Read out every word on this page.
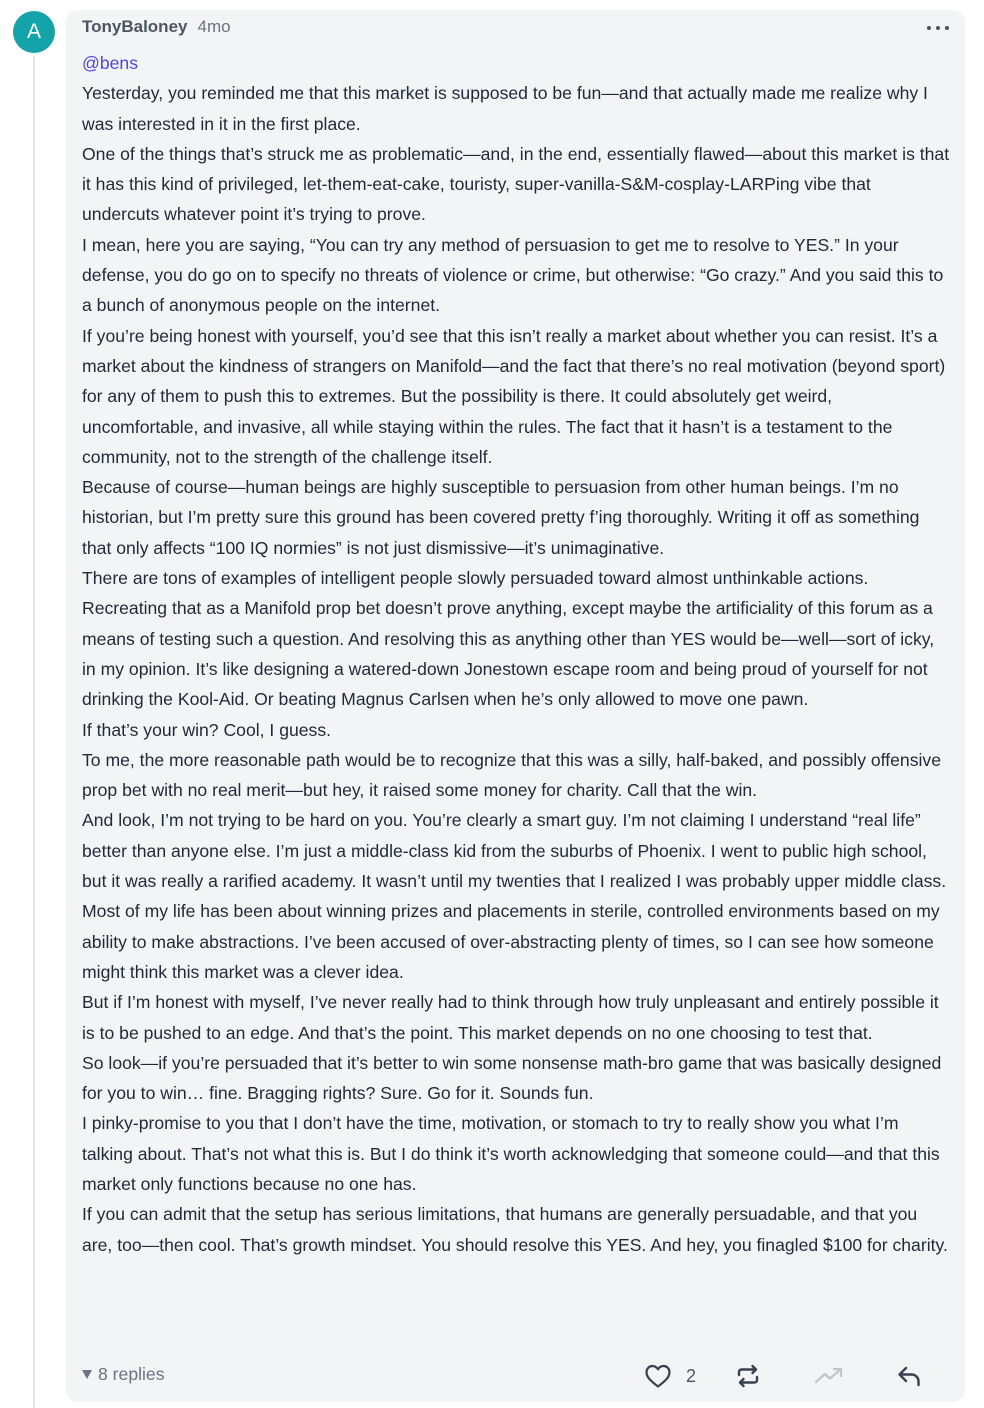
A	TonyBaloney 4mo
@bens
Yesterday, you reminded me that this market is supposed to be fun—and that actually made me realize why I was interested in it in the first place.
One of the things that’s struck me as problematic—and, in the end, essentially flawed—about this market is that it has this kind of privileged, let-them-eat-cake, touristy, super-vanilla-S&M-cosplay-LARPing vibe that undercuts whatever point it’s trying to prove.
I mean, here you are saying, “You can try any method of persuasion to get me to resolve to YES.” In your defense, you do go on to specify no threats of violence or crime, but otherwise: “Go crazy.” And you said this to a bunch of anonymous people on the internet.
If you’re being honest with yourself, you’d see that this isn’t really a market about whether you can resist. It’s a market about the kindness of strangers on Manifold—and the fact that there’s no real motivation (beyond sport) for any of them to push this to extremes. But the possibility is there. It could absolutely get weird, uncomfortable, and invasive, all while staying within the rules. The fact that it hasn’t is a testament to the community, not to the strength of the challenge itself.
Because of course—human beings are highly susceptible to persuasion from other human beings. I’m no historian, but I’m pretty sure this ground has been covered pretty f’ing thoroughly. Writing it off as something that only affects “100 IQ normies” is not just dismissive—it’s unimaginative.
There are tons of examples of intelligent people slowly persuaded toward almost unthinkable actions. Recreating that as a Manifold prop bet doesn’t prove anything, except maybe the artificiality of this forum as a means of testing such a question. And resolving this as anything other than YES would be—well—sort of icky, in my opinion. It’s like designing a watered-down Jonestown escape room and being proud of yourself for not drinking the Kool-Aid. Or beating Magnus Carlsen when he’s only allowed to move one pawn.
If that’s your win? Cool, I guess.
To me, the more reasonable path would be to recognize that this was a silly, half-baked, and possibly offensive prop bet with no real merit—but hey, it raised some money for charity. Call that the win.
And look, I’m not trying to be hard on you. You’re clearly a smart guy. I’m not claiming I understand “real life” better than anyone else. I’m just a middle-class kid from the suburbs of Phoenix. I went to public high school, but it was really a rarified academy. It wasn’t until my twenties that I realized I was probably upper middle class. Most of my life has been about winning prizes and placements in sterile, controlled environments based on my ability to make abstractions. I’ve been accused of over-abstracting plenty of times, so I can see how someone might think this market was a clever idea.
But if I’m honest with myself, I’ve never really had to think through how truly unpleasant and entirely possible it is to be pushed to an edge. And that’s the point. This market depends on no one choosing to test that.
So look—if you’re persuaded that it’s better to win some nonsense math-bro game that was basically designed for you to win… fine. Bragging rights? Sure. Go for it. Sounds fun.
I pinky-promise to you that I don’t have the time, motivation, or stomach to try to really show you what I’m talking about. That’s not what this is. But I do think it’s worth acknowledging that someone could—and that this market only functions because no one has.
If you can admit that the setup has serious limitations, that humans are generally persuadable, and that you are, too—then cool. That’s growth mindset. You should resolve this YES. And hey, you finagled $100 for charity.
8 replies	2
